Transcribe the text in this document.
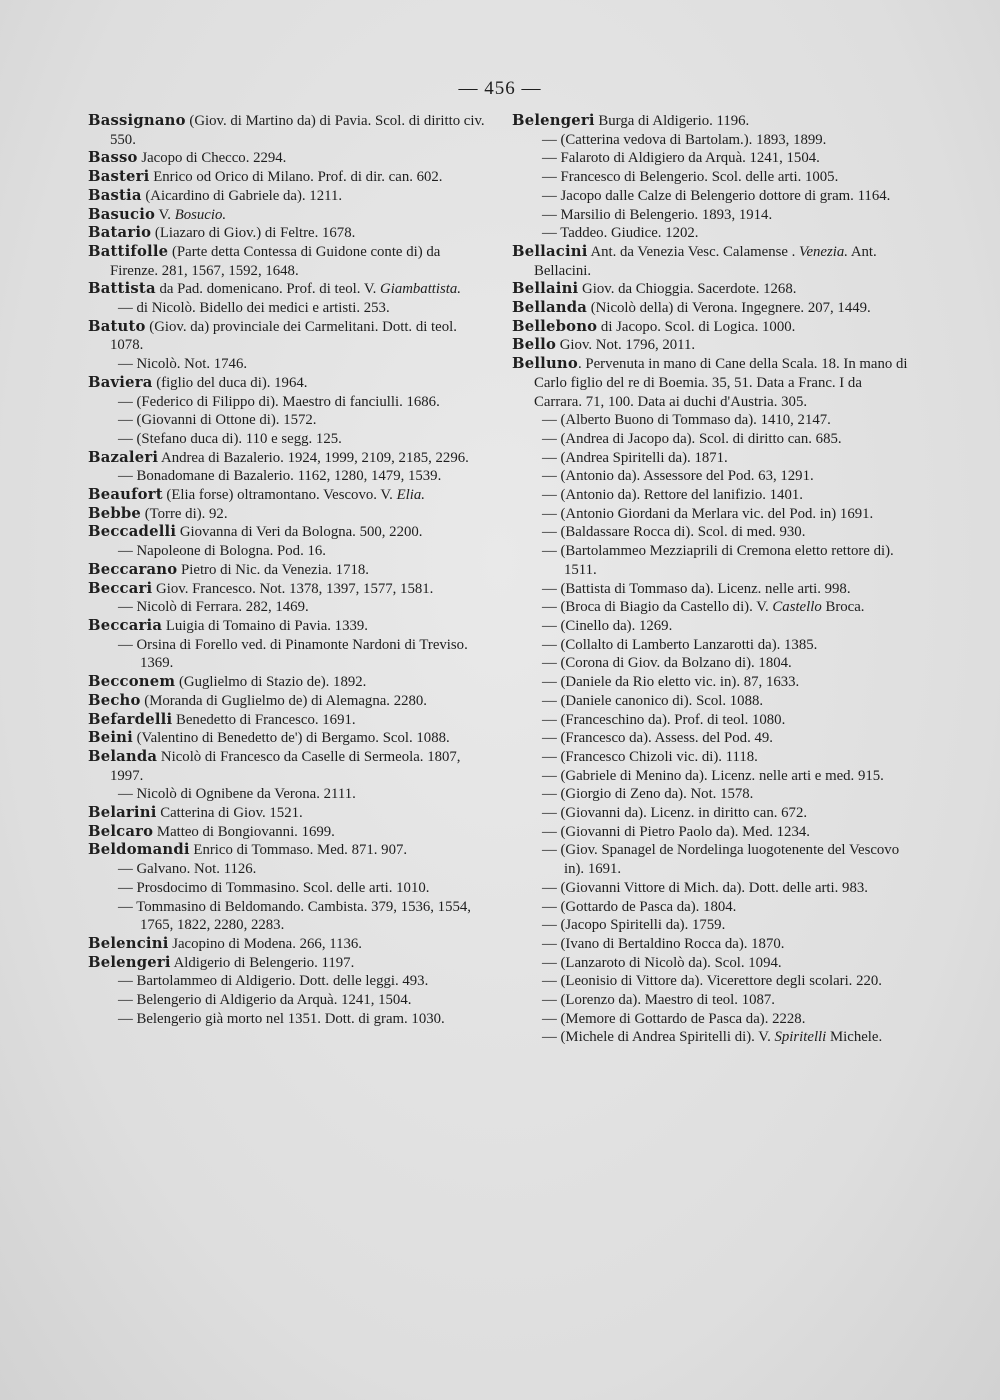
— 456 —
Bassignano (Giov. di Martino da) di Pavia. Scol. di diritto civ. 550.
Basso Jacopo di Checco. 2294.
Basteri Enrico od Orico di Milano. Prof. di dir. can. 602.
Bastia (Aicardino di Gabriele da). 1211.
Basucio V. Bosucio.
Batario (Liazaro di Giov.) di Feltre. 1678.
Battifolle (Parte detta Contessa di Guidone conte di) da Firenze. 281, 1567, 1592, 1648.
Battista da Pad. domenicano. Prof. di teol. V. Giambattista.
— di Nicolò. Bidello dei medici e artisti. 253.
Batuto (Giov. da) provinciale dei Carmelitani. Dott. di teol. 1078.
— Nicolò. Not. 1746.
Baviera (figlio del duca di). 1964.
— (Federico di Filippo di). Maestro di fanciulli. 1686.
— (Giovanni di Ottone di). 1572.
— (Stefano duca di). 110 e segg. 125.
Bazaleri Andrea di Bazalerio. 1924, 1999, 2109, 2185, 2296.
— Bonadomane di Bazalerio. 1162, 1280, 1479, 1539.
Beaufort (Elia forse) oltramontano. Vescovo. V. Elia.
Bebbe (Torre di). 92.
Beccadelli Giovanna di Veri da Bologna. 500, 2200.
— Napoleone di Bologna. Pod. 16.
Beccarano Pietro di Nic. da Venezia. 1718.
Beccari Giov. Francesco. Not. 1378, 1397, 1577, 1581.
— Nicolò di Ferrara. 282, 1469.
Beccaria Luigia di Tomaino di Pavia. 1339.
— Orsina di Forello ved. di Pinamonte Nardoni di Treviso. 1369.
Becconem (Guglielmo di Stazio de). 1892.
Becho (Moranda di Guglielmo de) di Alemagna. 2280.
Befardelli Benedetto di Francesco. 1691.
Beini (Valentino di Benedetto de') di Bergamo. Scol. 1088.
Belanda Nicolò di Francesco da Caselle di Sermeola. 1807, 1997.
— Nicolò di Ognibene da Verona. 2111.
Belarini Catterina di Giov. 1521.
Belcaro Matteo di Bongiovanni. 1699.
Beldomandi Enrico di Tommaso. Med. 871. 907.
— Galvano. Not. 1126.
— Prosdocimo di Tommasino. Scol. delle arti. 1010.
— Tommasino di Beldomando. Cambista. 379, 1536, 1554, 1765, 1822, 2280, 2283.
Belencini Jacopino di Modena. 266, 1136.
Belengeri Aldigerio di Belengerio. 1197.
— Bartolammeo di Aldigerio. Dott. delle leggi. 493.
— Belengerio di Aldigerio da Arquà. 1241, 1504.
— Belengerio già morto nel 1351. Dott. di gram. 1030.
Belengeri Burga di Aldigerio. 1196.
— (Catterina vedova di Bartolam.). 1893, 1899.
— Falaroto di Aldigiero da Arquà. 1241, 1504.
— Francesco di Belengerio. Scol. delle arti. 1005.
— Jacopo dalle Calze di Belengerio dottore di gram. 1164.
— Marsilio di Belengerio. 1893, 1914.
— Taddeo. Giudice. 1202.
Bellacini Ant. da Venezia Vesc. Calamense . Venezia. Ant. Bellacini.
Bellaini Giov. da Chioggia. Sacerdote. 1268.
Bellanda (Nicolò della) di Verona. Ingegnere. 207, 1449.
Bellebono di Jacopo. Scol. di Logica. 1000.
Bello Giov. Not. 1796, 2011.
Belluno. Pervenuta in mano di Cane della Scala. 18. In mano di Carlo figlio del re di Boemia. 35, 51. Data a Franc. I da Carrara. 71, 100. Data ai duchi d'Austria. 305.
— (Alberto Buono di Tommaso da). 1410, 2147.
— (Andrea di Jacopo da). Scol. di diritto can. 685.
— (Andrea Spiritelli da). 1871.
— (Antonio da). Assessore del Pod. 63, 1291.
— (Antonio da). Rettore del lanifizio. 1401.
— (Antonio Giordani da Merlara vic. del Pod. in) 1691.
— (Baldassare Rocca di). Scol. di med. 930.
— (Bartolammeo Mezziaprili di Cremona eletto rettore di). 1511.
— (Battista di Tommaso da). Licenz. nelle arti. 998.
— (Broca di Biagio da Castello di). V. Castello Broca.
— (Cinello da). 1269.
— (Collalto di Lamberto Lanzarotti da). 1385.
— (Corona di Giov. da Bolzano di). 1804.
— (Daniele da Rio eletto vic. in). 87, 1633.
— (Daniele canonico di). Scol. 1088.
— (Franceschino da). Prof. di teol. 1080.
— (Francesco da). Assess. del Pod. 49.
— (Francesco Chizoli vic. di). 1118.
— (Gabriele di Menino da). Licenz. nelle arti e med. 915.
— (Giorgio di Zeno da). Not. 1578.
— (Giovanni da). Licenz. in diritto can. 672.
— (Giovanni di Pietro Paolo da). Med. 1234.
— (Giov. Spanagel de Nordelinga luogotenente del Vescovo in). 1691.
— (Giovanni Vittore di Mich. da). Dott. delle arti. 983.
— (Gottardo de Pasca da). 1804.
— (Jacopo Spiritelli da). 1759.
— (Ivano di Bertaldino Rocca da). 1870.
— (Lanzaroto di Nicolò da). Scol. 1094.
— (Leonisio di Vittore da). Vicerettore degli scolari. 220.
— (Lorenzo da). Maestro di teol. 1087.
— (Memore di Gottardo de Pasca da). 2228.
— (Michele di Andrea Spiritelli di). V. Spiritelli Michele.
